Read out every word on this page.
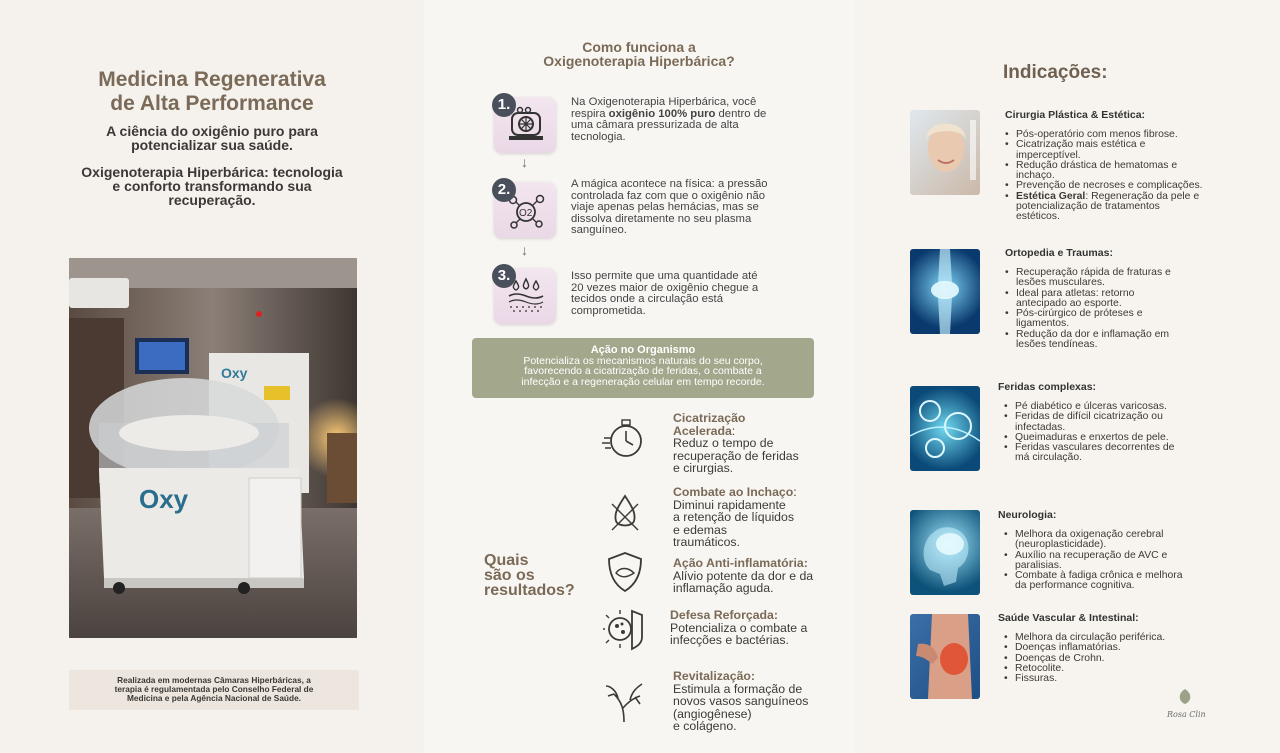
Medicina Regenerativa
de Alta Performance
A ciência do oxigênio puro para
potencializar sua saúde.
Oxigenoterapia Hiperbárica: tecnologia
e conforto transformando sua
recuperação.
Oxy
Oxy
Realizada em modernas Câmaras Hiperbáricas, a
terapia é regulamentada pelo Conselho Federal de
Medicina e pela Agência Nacional de Saúde.
Como funciona a
Oxigenoterapia Hiperbárica?
1.	Na Oxigenoterapia Hiperbárica, você
respira oxigênio 100% puro dentro de
uma câmara pressurizada de alta
tecnologia.
↓
O2
2.	A mágica acontece na física: a pressão
controlada faz com que o oxigênio não
viaje apenas pelas hemácias, mas se
dissolva diretamente no seu plasma
sanguíneo.
↓
3.	Isso permite que uma quantidade até
20 vezes maior de oxigênio chegue a
tecidos onde a circulação está
comprometida.
Ação no Organismo
Potencializa os mecanismos naturais do seu corpo,
favorecendo a cicatrização de feridas, o combate a
infecção e a regeneração celular em tempo recorde.
Quais
são os
resultados?
Cicatrização
Acelerada:
Reduz o tempo de
recuperação de feridas
e cirurgias.
Combate ao Inchaço:
Diminui rapidamente
a retenção de líquidos
e edemas
traumáticos.
Ação Anti-inflamatória:
Alívio potente da dor e da
inflamação aguda.
Defesa Reforçada:
Potencializa o combate a
infecções e bactérias.
Revitalização:
Estimula a formação de
novos vasos sanguíneos
(angiogênese)
e colágeno.
Indicações:
Cirurgia Plástica & Estética:
• Pós-operatório com menos fibrose.
• Cicatrização mais estética e
imperceptível.
• Redução drástica de hematomas e
inchaço.
• Prevenção de necroses e complicações.
• Estética Geral: Regeneração da pele e
potencialização de tratamentos
estéticos.
Ortopedia e Traumas:
• Recuperação rápida de fraturas e
lesões musculares.
• Ideal para atletas: retorno
antecipado ao esporte.
• Pós-cirúrgico de próteses e
ligamentos.
• Redução da dor e inflamação em
lesões tendíneas.
Feridas complexas:
• Pé diabético e úlceras varicosas.
• Feridas de difícil cicatrização ou
infectadas.
• Queimaduras e enxertos de pele.
• Feridas vasculares decorrentes de
má circulação.
Neurologia:
• Melhora da oxigenação cerebral
(neuroplasticidade).
• Auxílio na recuperação de AVC e
paralisias.
• Combate à fadiga crônica e melhora
da performance cognitiva.
Saúde Vascular & Intestinal:
• Melhora da circulação periférica.
• Doenças inflamatórias.
• Doenças de Crohn.
• Retocolite.
• Fissuras.
Rosa Clin
